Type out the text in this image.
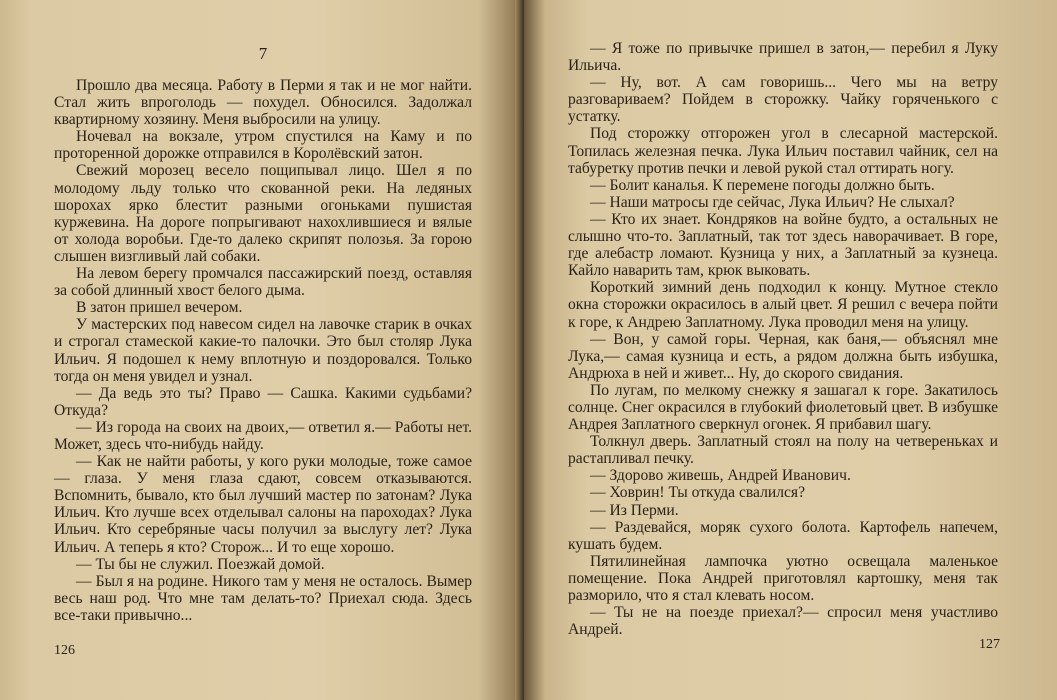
7

Прошло два месяца. Работу в Перми я так и не мог найти. Стал жить впроголодь — похудел. Обносился. Задолжал квартирному хозяину. Меня выбросили на улицу.

Ночевал на вокзале, утром спустился на Каму и по проторенной дорожке отправился в Королёвский затон.

Свежий морозец весело пощипывал лицо. Шел я по молодому льду только что скованной реки. На ледяных шорохах ярко блестит разными огоньками пушистая куржевина. На дороге попрыгивают нахохлившиеся и вялые от холода воробьи. Где-то далеко скрипят полозья. За горою слышен визгливый лай собаки.

На левом берегу промчался пассажирский поезд, оставляя за собой длинный хвост белого дыма.

В затон пришел вечером.

У мастерских под навесом сидел на лавочке старик в очках и строгал стамеской какие-то палочки. Это был столяр Лука Ильич. Я подошел к нему вплотную и поздоровался. Только тогда он меня увидел и узнал.

— Да ведь это ты? Право — Сашка. Какими судьбами? Откуда?

— Из города на своих на двоих,— ответил я.— Работы нет. Может, здесь что-нибудь найду.

— Как не найти работы, у кого руки молодые, тоже самое — глаза. У меня глаза сдают, совсем отказываются. Вспомнить, бывало, кто был лучший мастер по затонам? Лука Ильич. Кто лучше всех отделывал салоны на пароходах? Лука Ильич. Кто серебряные часы получил за выслугу лет? Лука Ильич. А теперь я кто? Сторож... И то еще хорошо.

— Ты бы не служил. Поезжай домой.

— Был я на родине. Никого там у меня не осталось. Вымер весь наш род. Что мне там делать-то? Приехал сюда. Здесь все-таки привычно...

126

— Я тоже по привычке пришел в затон,— перебил я Луку Ильича.

— Ну, вот. А сам говоришь... Чего мы на ветру разговариваем? Пойдем в сторожку. Чайку горяченького с устатку.

Под сторожку отгорожен угол в слесарной мастерской. Топилась железная печка. Лука Ильич поставил чайник, сел на табуретку против печки и левой рукой стал оттирать ногу.

— Болит каналья. К перемене погоды должно быть.

— Наши матросы где сейчас, Лука Ильич? Не слыхал?

— Кто их знает. Кондряков на войне будто, а остальных не слышно что-то. Заплатный, так тот здесь наворачивает. В горе, где алебастр ломают. Кузница у них, а Заплатный за кузнеца. Кайло наварить там, крюк выковать.

Короткий зимний день подходил к концу. Мутное стекло окна сторожки окрасилось в алый цвет. Я решил с вечера пойти к горе, к Андрею Заплатному. Лука проводил меня на улицу.

— Вон, у самой горы. Черная, как баня,— объяснял мне Лука,— самая кузница и есть, а рядом должна быть избушка, Андрюха в ней и живет... Ну, до скорого свидания.

По лугам, по мелкому снежку я зашагал к горе. Закатилось солнце. Снег окрасился в глубокий фиолетовый цвет. В избушке Андрея Заплатного сверкнул огонек. Я прибавил шагу.

Толкнул дверь. Заплатный стоял на полу на четвереньках и растапливал печку.

— Здорово живешь, Андрей Иванович.

— Ховрин! Ты откуда свалился?

— Из Перми.

— Раздевайся, моряк сухого болота. Картофель напечем, кушать будем.

Пятилинейная лампочка уютно освещала маленькое помещение. Пока Андрей приготовлял картошку, меня так разморило, что я стал клевать носом.

— Ты не на поезде приехал?— спросил меня участливо Андрей.

127
